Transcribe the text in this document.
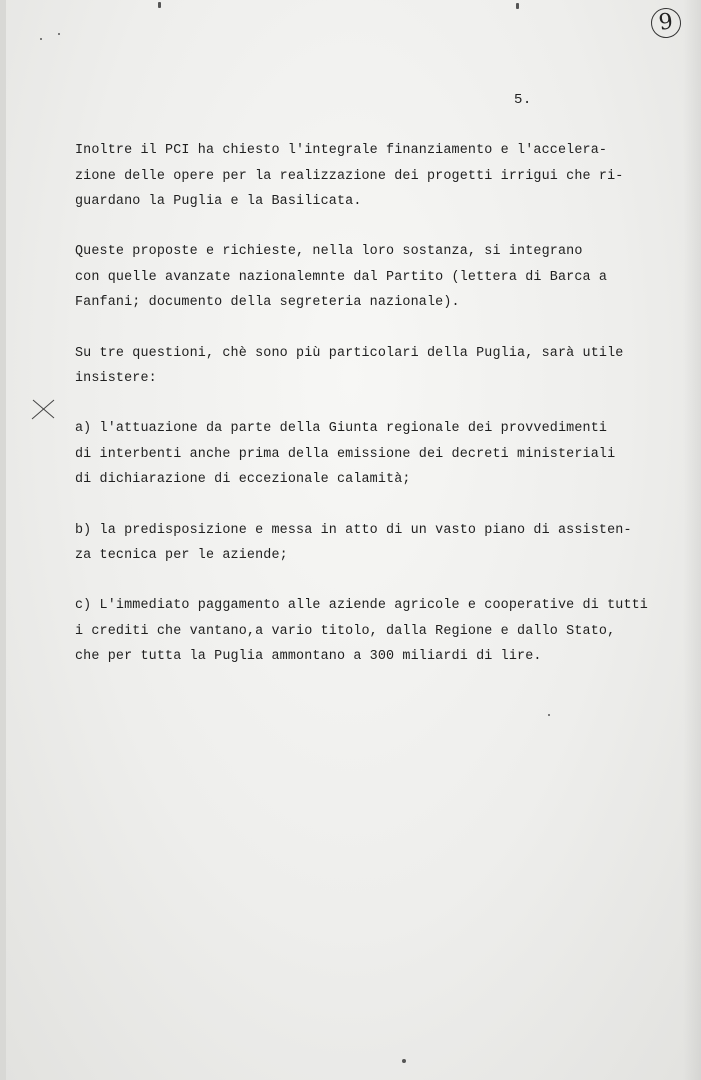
9
5.

Inoltre il PCI ha chiesto l'integrale finanziamento e l'accelera-
zione delle opere per la realizzazione dei progetti irrigui che ri-
guardano la Puglia e la Basilicata.

Queste proposte e richieste, nella loro sostanza, si integrano
con quelle avanzate nazionalemnte dal Partito (lettera di Barca a
Fanfani; documento della segreteria nazionale).

Su tre questioni, chè sono più particolari della Puglia, sarà utile
insistere:

a) l'attuazione da parte della Giunta regionale dei provvedimenti
di interbenti anche prima della emissione dei decreti ministeriali
di dichiarazione di eccezionale calamità;

b) la predisposizione e messa in atto di un vasto piano di assisten-
za tecnica per le aziende;

c) L'immediato paggamento alle aziende agricole e cooperative di tutti
i crediti che vantano,a vario titolo, dalla Regione e dallo Stato,
che per tutta la Puglia ammontano a 300 miliardi di lire.
